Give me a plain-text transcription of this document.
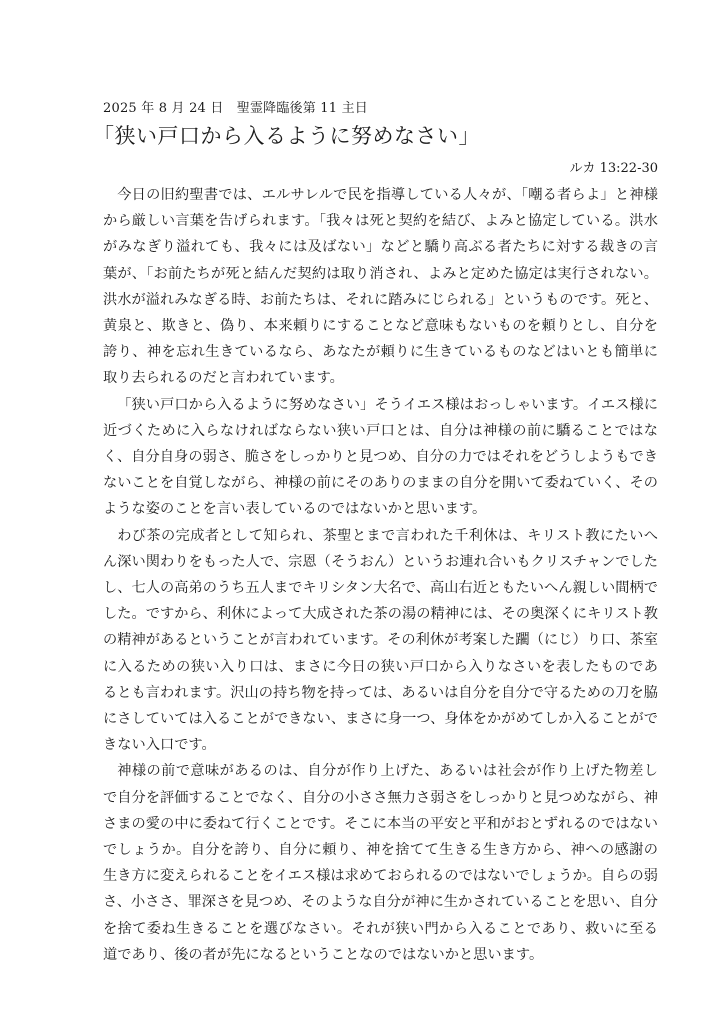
2025 年 8 月 24 日　聖霊降臨後第 11 主日
「狭い戸口から入るように努めなさい」
ルカ 13:22-30

今日の旧約聖書では、エルサレルで民を指導している人々が、「嘲る者らよ」と神様から厳しい言葉を告げられます。「我々は死と契約を結び、よみと協定している。洪水がみなぎり溢れても、我々には及ばない」などと驕り高ぶる者たちに対する裁きの言葉が、「お前たちが死と結んだ契約は取り消され、よみと定めた協定は実行されない。洪水が溢れみなぎる時、お前たちは、それに踏みにじられる」というものです。死と、黄泉と、欺きと、偽り、本来頼りにすることなど意味もないものを頼りとし、自分を誇り、神を忘れ生きているなら、あなたが頼りに生きているものなどはいとも簡単に取り去られるのだと言われています。

「狭い戸口から入るように努めなさい」そうイエス様はおっしゃいます。イエス様に近づくために入らなければならない狭い戸口とは、自分は神様の前に驕ることではなく、自分自身の弱さ、脆さをしっかりと見つめ、自分の力ではそれをどうしようもできないことを自覚しながら、神様の前にそのありのままの自分を開いて委ねていく、そのような姿のことを言い表しているのではないかと思います。

わび茶の完成者として知られ、茶聖とまで言われた千利休は、キリスト教にたいへん深い関わりをもった人で、宗恩（そうおん）というお連れ合いもクリスチャンでしたし、七人の高弟のうち五人までキリシタン大名で、高山右近ともたいへん親しい間柄でした。ですから、利休によって大成された茶の湯の精神には、その奥深くにキリスト教の精神があるということが言われています。その利休が考案した躙（にじ）り口、茶室に入るための狭い入り口は、まさに今日の狭い戸口から入りなさいを表したものであるとも言われます。沢山の持ち物を持っては、あるいは自分を自分で守るための刀を脇にさしていては入ることができない、まさに身一つ、身体をかがめてしか入ることができない入口です。

神様の前で意味があるのは、自分が作り上げた、あるいは社会が作り上げた物差しで自分を評価することでなく、自分の小ささ無力さ弱さをしっかりと見つめながら、神さまの愛の中に委ねて行くことです。そこに本当の平安と平和がおとずれるのではないでしょうか。自分を誇り、自分に頼り、神を捨てて生きる生き方から、神への感謝の生き方に変えられることをイエス様は求めておられるのではないでしょうか。自らの弱さ、小ささ、罪深さを見つめ、そのような自分が神に生かされていることを思い、自分を捨て委ね生きることを選びなさい。それが狭い門から入ることであり、救いに至る道であり、後の者が先になるということなのではないかと思います。
